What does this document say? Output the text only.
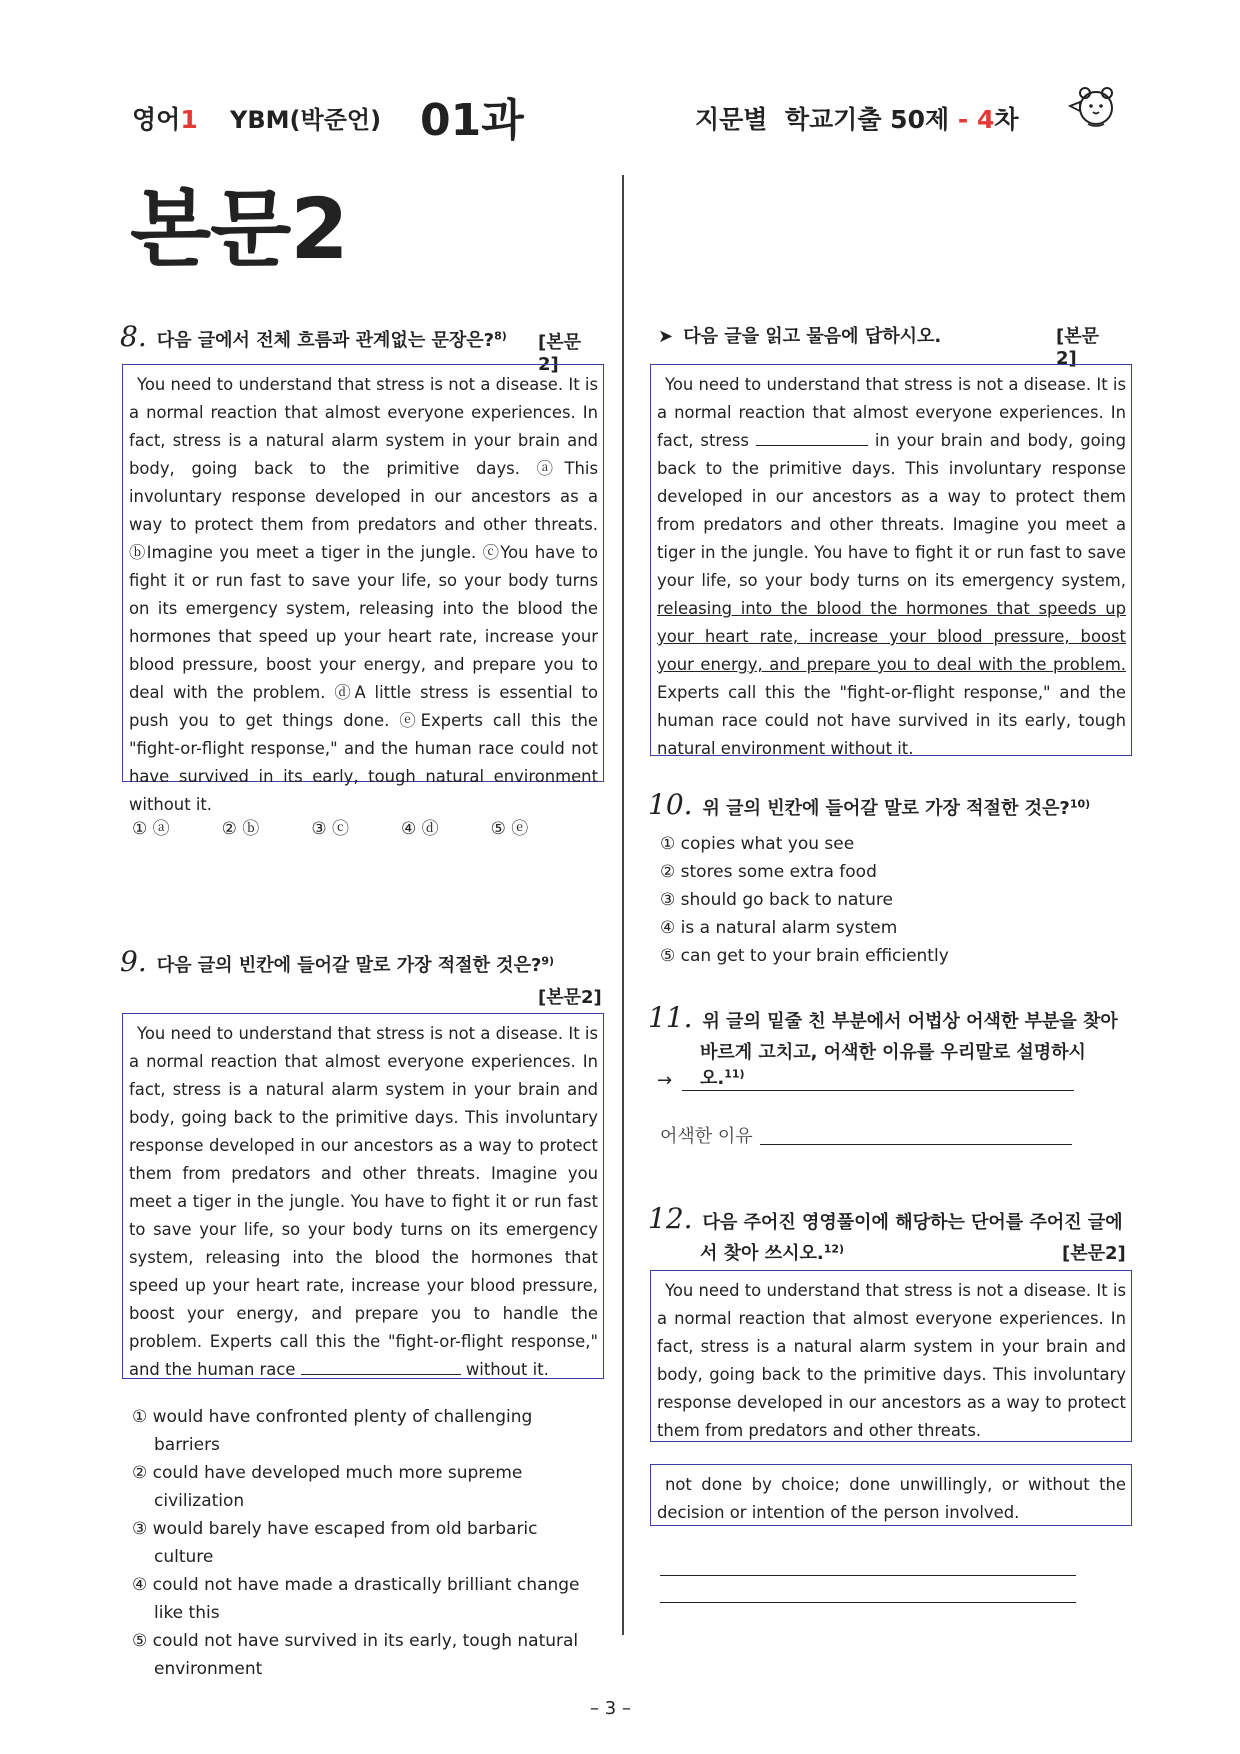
영어1 YBM(박준언) 01과	지문별 학교기출 50제 - 4차
본문2
8. 다음 글에서 전체 흐름과 관계없는 문장은?$^{8)}$ [본문2]

You need to understand that stress is not a disease. It is a normal reaction that almost everyone experiences. In fact, stress is a natural alarm system in your brain and body, going back to the primitive days. ⓐThis involuntary response developed in our ancestors as a way to protect them from predators and other threats. ⓑImagine you meet a tiger in the jungle. ⓒYou have to fight it or run fast to save your life, so your body turns on its emergency system, releasing into the blood the hormones that speed up your heart rate, increase your blood pressure, boost your energy, and prepare you to deal with the problem. ⓓA little stress is essential to push you to get things done. ⓔExperts call this the "fight-or-flight response," and the human race could not have survived in its early, tough natural environment without it.

① ⓐ	② ⓑ	③ ⓒ	④ ⓓ	⑤ ⓔ
9. 다음 글의 빈칸에 들어갈 말로 가장 적절한 것은?$^{9)}$
[본문2]

You need to understand that stress is not a disease. It is a normal reaction that almost everyone experiences. In fact, stress is a natural alarm system in your brain and body, going back to the primitive days. This involuntary response developed in our ancestors as a way to protect them from predators and other threats. Imagine you meet a tiger in the jungle. You have to fight it or run fast to save your life, so your body turns on its emergency system, releasing into the blood the hormones that speed up your heart rate, increase your blood pressure, boost your energy, and prepare you to handle the problem. Experts call this the "fight-or-flight response," and the human race	without it.

① would have confronted plenty of challenging barriers
② could have developed much more supreme civilization
③ would barely have escaped from old barbaric culture
④ could not have made a drastically brilliant change like this
⑤ could not have survived in its early, tough natural environment
➤ 다음 글을 읽고 물음에 답하시오.	[본문2]

You need to understand that stress is not a disease. It is a normal reaction that almost everyone experiences. In fact, stress	in your brain and body, going back to the primitive days. This involuntary response developed in our ancestors as a way to protect them from predators and other threats. Imagine you meet a tiger in the jungle. You have to fight it or run fast to save your life, so your body turns on its emergency system, releasing into the blood the hormones that speeds up your heart rate, increase your blood pressure, boost your energy, and prepare you to deal with the problem. Experts call this the "fight-or-flight response," and the human race could not have survived in its early, tough natural environment without it.

10. 위 글의 빈칸에 들어갈 말로 가장 적절한 것은?$^{10)}$
① copies what you see
② stores some extra food
③ should go back to nature
④ is a natural alarm system
⑤ can get to your brain efficiently
11. 위 글의 밑줄 친 부분에서 어법상 어색한 부분을 찾아
바르게 고치고, 어색한 이유를 우리말로 설명하시오.$^{11)}$
→
어색한 이유
12. 다음 주어진 영영풀이에 해당하는 단어를 주어진 글에
서 찾아 쓰시오.$^{12)}$	[본문2]

You need to understand that stress is not a disease. It is a normal reaction that almost everyone experiences. In fact, stress is a natural alarm system in your brain and body, going back to the primitive days. This involuntary response developed in our ancestors as a way to protect them from predators and other threats.

not done by choice; done unwillingly, or without the decision or intention of the person involved.

– 3 –
